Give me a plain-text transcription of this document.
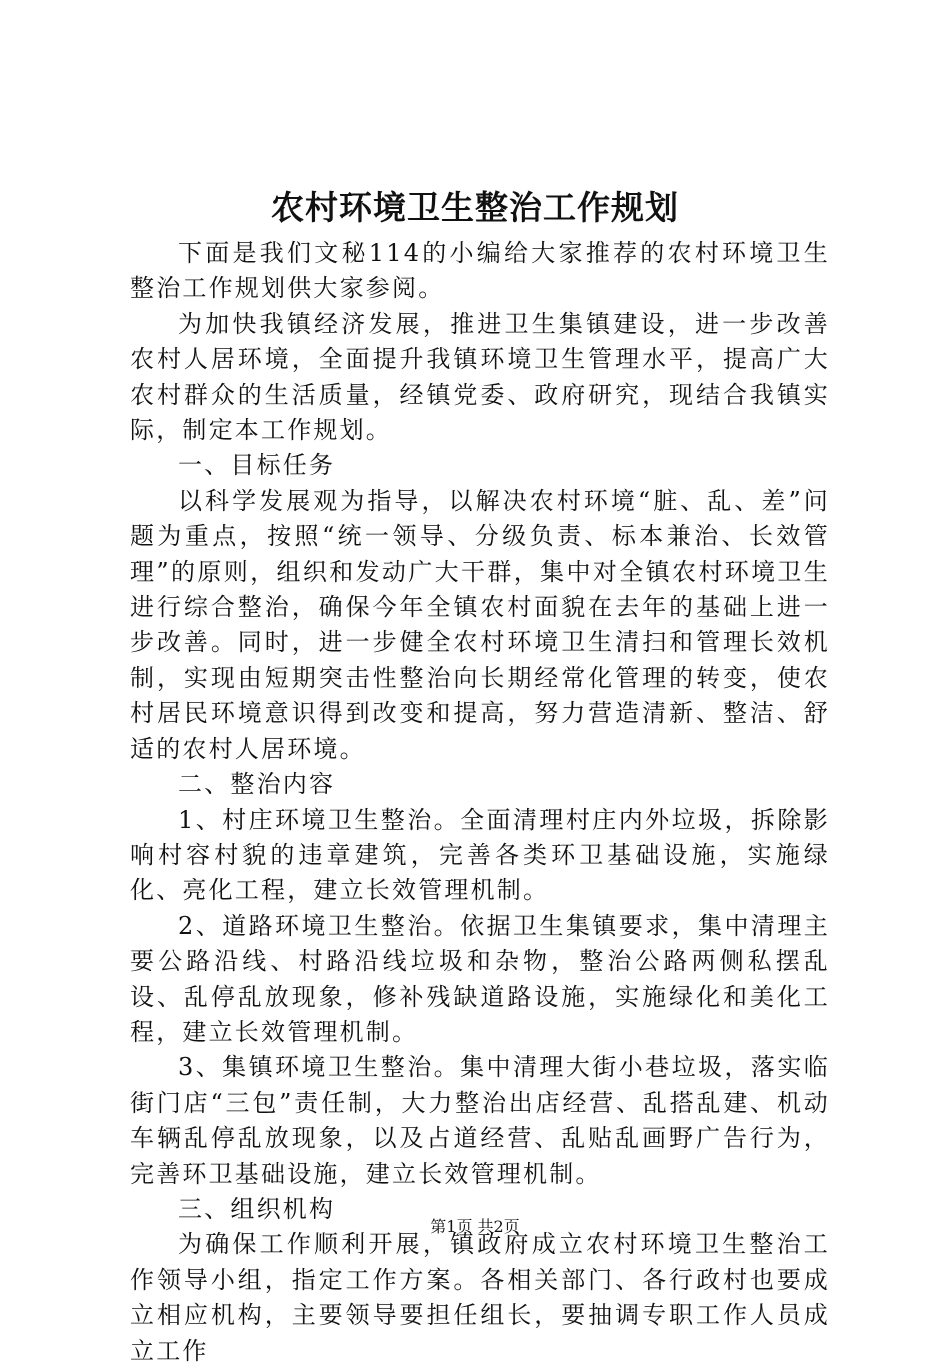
农村环境卫生整治工作规划

下面是我们文秘114的小编给大家推荐的农村环境卫生整治工作规划供大家参阅。

为加快我镇经济发展，推进卫生集镇建设，进一步改善农村人居环境，全面提升我镇环境卫生管理水平，提高广大农村群众的生活质量，经镇党委、政府研究，现结合我镇实际，制定本工作规划。

一、目标任务

以科学发展观为指导，以解决农村环境“脏、乱、差”问题为重点，按照“统一领导、分级负责、标本兼治、长效管理”的原则，组织和发动广大干群，集中对全镇农村环境卫生进行综合整治，确保今年全镇农村面貌在去年的基础上进一步改善。同时，进一步健全农村环境卫生清扫和管理长效机制，实现由短期突击性整治向长期经常化管理的转变，使农村居民环境意识得到改变和提高，努力营造清新、整洁、舒适的农村人居环境。

二、整治内容

1、村庄环境卫生整治。全面清理村庄内外垃圾，拆除影响村容村貌的违章建筑，完善各类环卫基础设施，实施绿化、亮化工程，建立长效管理机制。

2、道路环境卫生整治。依据卫生集镇要求，集中清理主要公路沿线、村路沿线垃圾和杂物，整治公路两侧私摆乱设、乱停乱放现象，修补残缺道路设施，实施绿化和美化工程，建立长效管理机制。

3、集镇环境卫生整治。集中清理大街小巷垃圾，落实临街门店“三包”责任制，大力整治出店经营、乱搭乱建、机动车辆乱停乱放现象，以及占道经营、乱贴乱画野广告行为，完善环卫基础设施，建立长效管理机制。

三、组织机构

为确保工作顺利开展，镇政府成立农村环境卫生整治工作领导小组，指定工作方案。各相关部门、各行政村也要成立相应机构，主要领导要担任组长，要抽调专职工作人员成立工作

第1页 共2页
